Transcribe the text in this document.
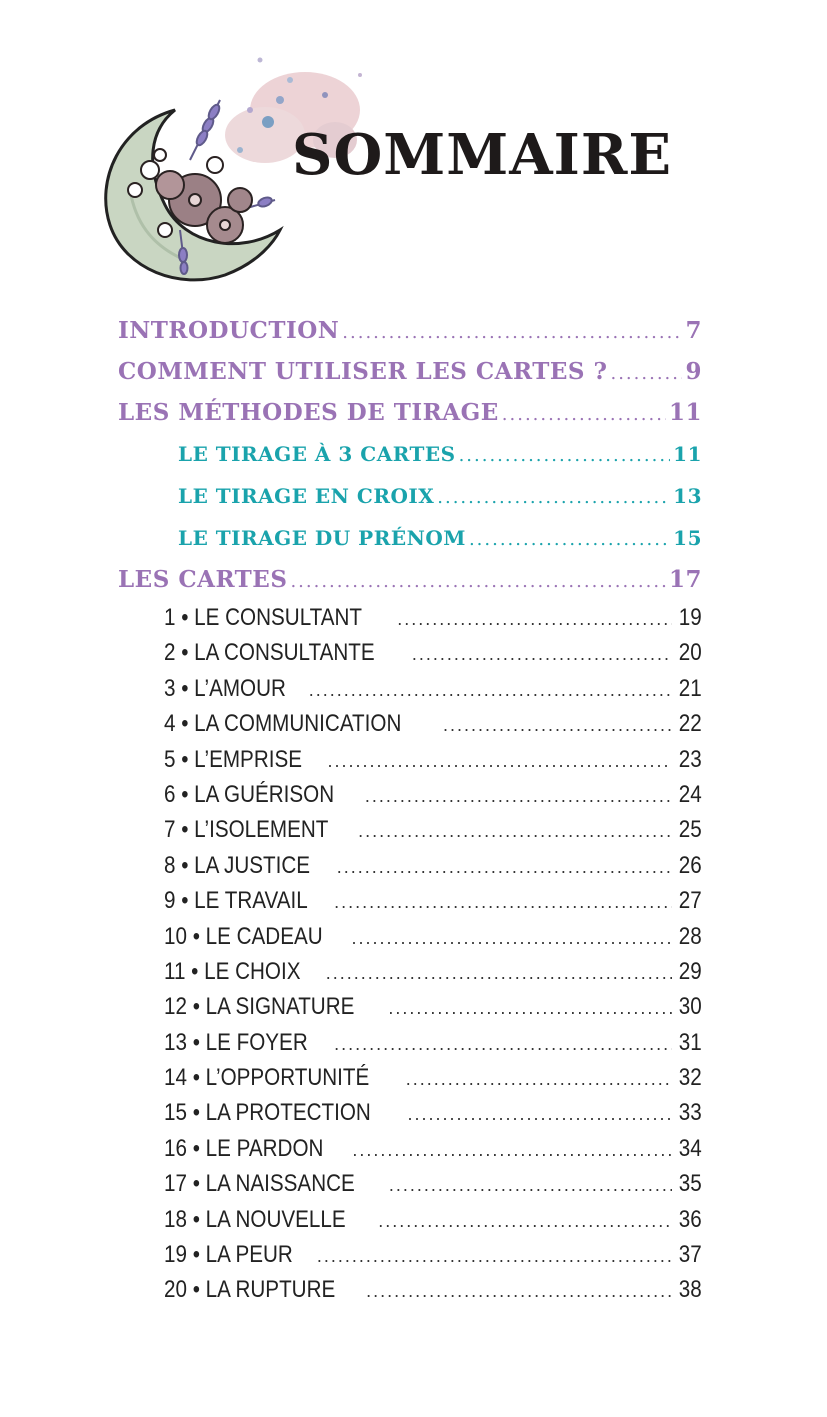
SOMMAIRE
INTRODUCTION .....	7
COMMENT UTILISER LES CARTES ? .....	9
LES MÉTHODES DE TIRAGE .....	11
LE TIRAGE À 3 CARTES .....	11
LE TIRAGE EN CROIX .....	13
LE TIRAGE DU PRÉNOM .....	15
LES CARTES .....	17
1 • LE CONSULTANT .....	19
2 • LA CONSULTANTE .....	20
3 • L’AMOUR .....	21
4 • LA COMMUNICATION .....	22
5 • L’EMPRISE .....	23
6 • LA GUÉRISON .....	24
7 • L’ISOLEMENT .....	25
8 • LA JUSTICE .....	26
9 • LE TRAVAIL .....	27
10 • LE CADEAU .....	28
11 • LE CHOIX .....	29
12 • LA SIGNATURE .....	30
13 • LE FOYER .....	31
14 • L’OPPORTUNITÉ .....	32
15 • LA PROTECTION .....	33
16 • LE PARDON .....	34
17 • LA NAISSANCE .....	35
18 • LA NOUVELLE .....	36
19 • LA PEUR .....	37
20 • LA RUPTURE .....	38
